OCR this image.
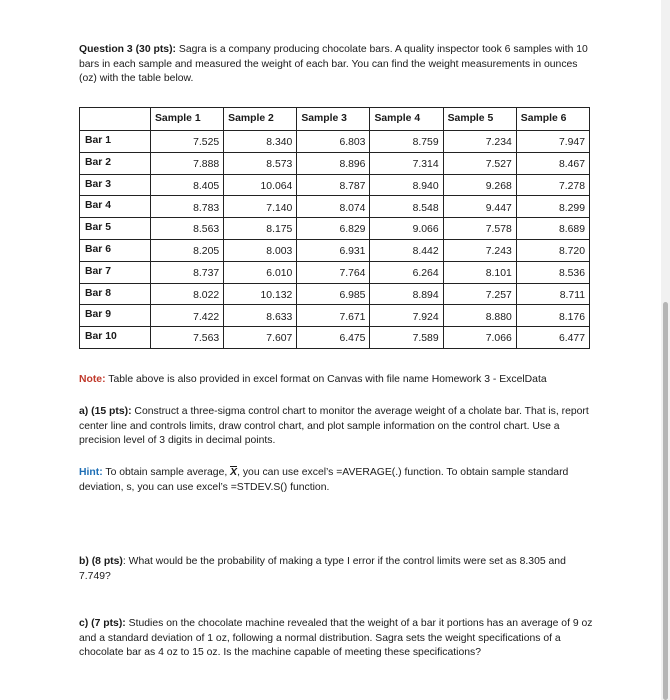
Question 3 (30 pts): Sagra is a company producing chocolate bars. A quality inspector took 6 samples with 10 bars in each sample and measured the weight of each bar. You can find the weight measurements in ounces (oz) with the table below.

	Sample 1	Sample 2	Sample 3	Sample 4	Sample 5	Sample 6
Bar 1	7.525	8.340	6.803	8.759	7.234	7.947
Bar 2	7.888	8.573	8.896	7.314	7.527	8.467
Bar 3	8.405	10.064	8.787	8.940	9.268	7.278
Bar 4	8.783	7.140	8.074	8.548	9.447	8.299
Bar 5	8.563	8.175	6.829	9.066	7.578	8.689
Bar 6	8.205	8.003	6.931	8.442	7.243	8.720
Bar 7	8.737	6.010	7.764	6.264	8.101	8.536
Bar 8	8.022	10.132	6.985	8.894	7.257	8.711
Bar 9	7.422	8.633	7.671	7.924	8.880	8.176
Bar 10	7.563	7.607	6.475	7.589	7.066	6.477

Note: Table above is also provided in excel format on Canvas with file name Homework 3 - ExcelData

a) (15 pts): Construct a three-sigma control chart to monitor the average weight of a cholate bar. That is, report center line and controls limits, draw control chart, and plot sample information on the control chart. Use a precision level of 3 digits in decimal points.

Hint: To obtain sample average, X, you can use excel’s =AVERAGE(.) function. To obtain sample standard deviation, s, you can use excel’s =STDEV.S() function.

b) (8 pts): What would be the probability of making a type I error if the control limits were set as 8.305 and 7.749?

c) (7 pts): Studies on the chocolate machine revealed that the weight of a bar it portions has an average of 9 oz and a standard deviation of 1 oz, following a normal distribution. Sagra sets the weight specifications of a chocolate bar as 4 oz to 15 oz. Is the machine capable of meeting these specifications?
